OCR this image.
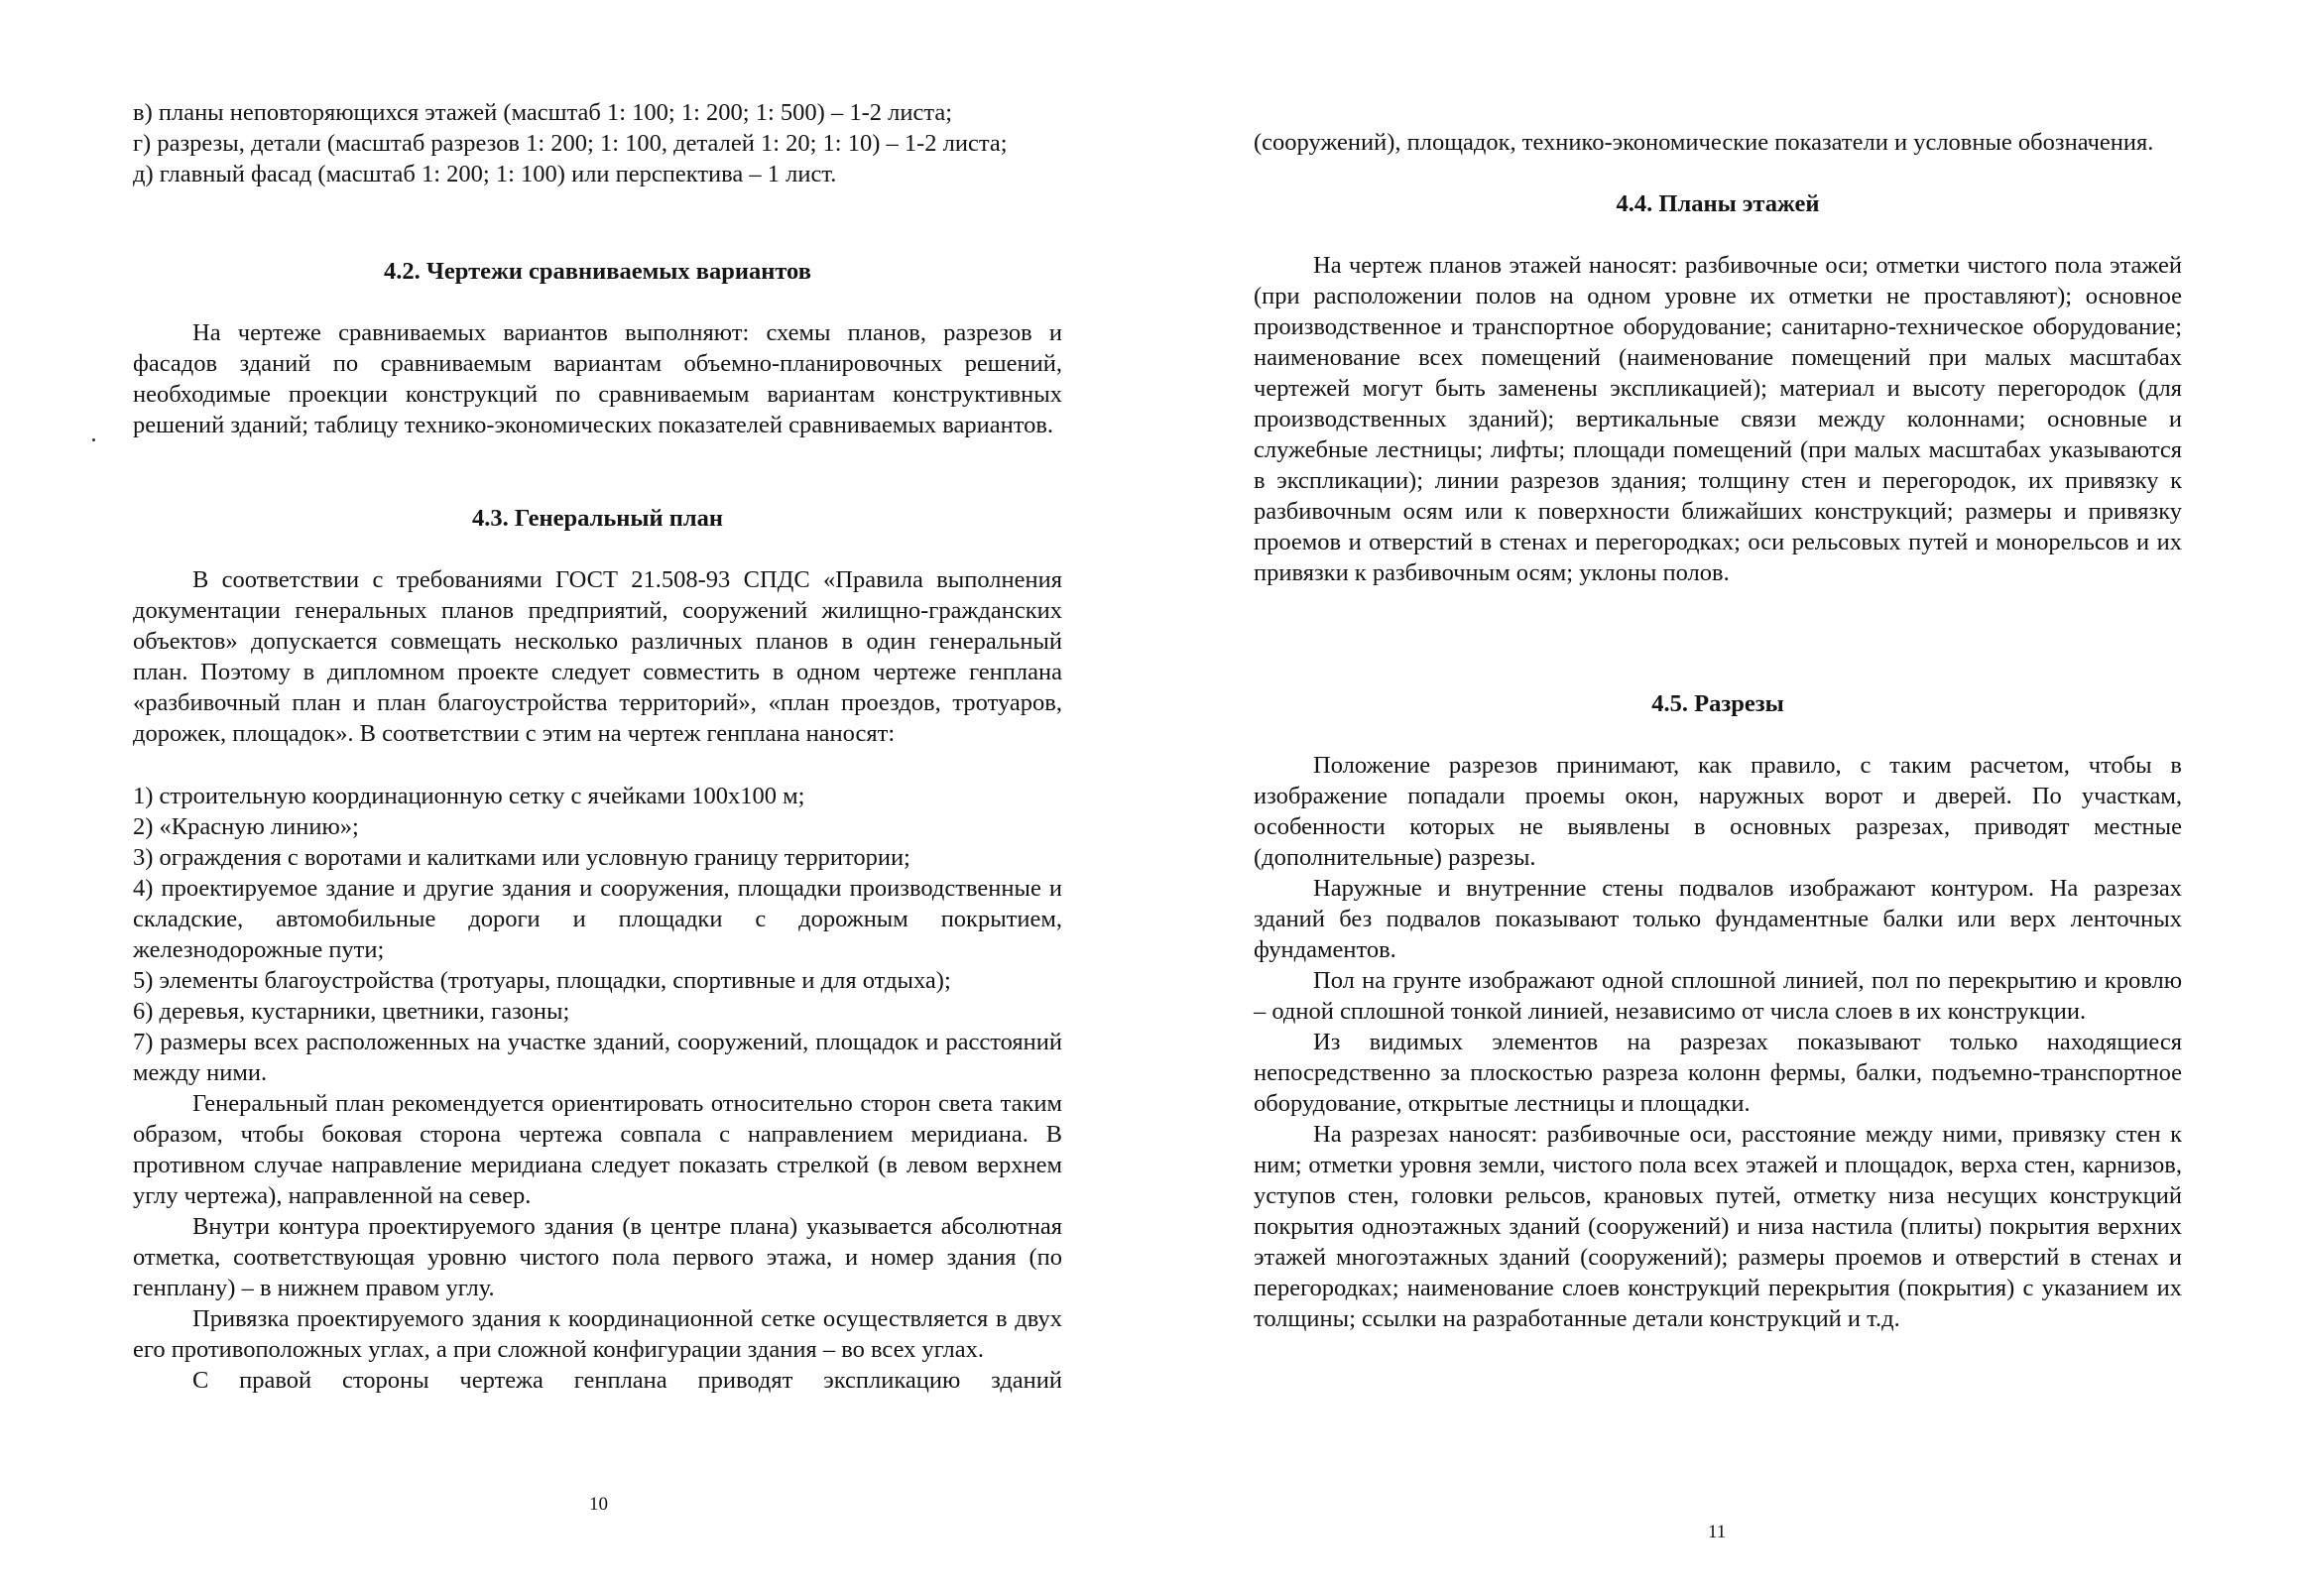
в) планы неповторяющихся этажей (масштаб 1: 100; 1: 200; 1: 500) – 1-2 листа;
г) разрезы, детали (масштаб разрезов 1: 200; 1: 100, деталей 1: 20; 1: 10) – 1-2 листа;
д) главный фасад (масштаб 1: 200; 1: 100) или перспектива – 1 лист.
4.2. Чертежи сравниваемых вариантов

На чертеже сравниваемых вариантов выполняют: схемы планов, разрезов и фасадов зданий по сравниваемым вариантам объемно-планировочных решений, необходимые проекции конструкций по сравниваемым вариантам конструктивных решений зданий; таблицу технико-экономических показателей сравниваемых вариантов.

4.3. Генеральный план

В соответствии с требованиями ГОСТ 21.508-93 СПДС «Правила выполнения документации генеральных планов предприятий, сооружений жилищно-гражданских объектов» допускается совмещать несколько различных планов в один генеральный план. Поэтому в дипломном проекте следует совместить в одном чертеже генплана «разбивочный план и план благоустройства территорий», «план проездов, тротуаров, дорожек, площадок». В соответствии с этим на чертеж генплана наносят:

1) строительную координационную сетку с ячейками 100х100 м;
2) «Красную линию»;
3) ограждения с воротами и калитками или условную границу территории;
4) проектируемое здание и другие здания и сооружения, площадки производственные и складские, автомобильные дороги и площадки с дорожным покрытием, железнодорожные пути;
5) элементы благоустройства (тротуары, площадки, спортивные и для отдыха);
6) деревья, кустарники, цветники, газоны;
7) размеры всех расположенных на участке зданий, сооружений, площадок и расстояний между ними.
Генеральный план рекомендуется ориентировать относительно сторон света таким образом, чтобы боковая сторона чертежа совпала с направлением меридиана. В противном случае направление меридиана следует показать стрелкой (в левом верхнем углу чертежа), направленной на север.
Внутри контура проектируемого здания (в центре плана) указывается абсолютная отметка, соответствующая уровню чистого пола первого этажа, и номер здания (по генплану) – в нижнем правом углу.
Привязка проектируемого здания к координационной сетке осуществляется в двух его противоположных углах, а при сложной конфигурации здания – во всех углах.
С правой стороны чертежа генплана приводят экспликацию зданий
10

(сооружений), площадок, технико-экономические показатели и условные обозначения.

4.4. Планы этажей

На чертеж планов этажей наносят: разбивочные оси; отметки чистого пола этажей (при расположении полов на одном уровне их отметки не проставляют); основное производственное и транспортное оборудование; санитарно-техническое оборудование; наименование всех помещений (наименование помещений при малых масштабах чертежей могут быть заменены экспликацией); материал и высоту перегородок (для производственных зданий); вертикальные связи между колоннами; основные и служебные лестницы; лифты; площади помещений (при малых масштабах указываются в экспликации); линии разрезов здания; толщину стен и перегородок, их привязку к разбивочным осям или к поверхности ближайших конструкций; размеры и привязку проемов и отверстий в стенах и перегородках; оси рельсовых путей и монорельсов и их привязки к разбивочным осям; уклоны полов.

4.5. Разрезы
Положение разрезов принимают, как правило, с таким расчетом, чтобы в изображение попадали проемы окон, наружных ворот и дверей. По участкам, особенности которых не выявлены в основных разрезах, приводят местные (дополнительные) разрезы.
Наружные и внутренние стены подвалов изображают контуром. На разрезах зданий без подвалов показывают только фундаментные балки или верх ленточных фундаментов.
Пол на грунте изображают одной сплошной линией, пол по перекрытию и кровлю – одной сплошной тонкой линией, независимо от числа слоев в их конструкции.
Из видимых элементов на разрезах показывают только находящиеся непосредственно за плоскостью разреза колонн фермы, балки, подъемно-транспортное оборудование, открытые лестницы и площадки.
На разрезах наносят: разбивочные оси, расстояние между ними, привязку стен к ним; отметки уровня земли, чистого пола всех этажей и площадок, верха стен, карнизов, уступов стен, головки рельсов, крановых путей, отметку низа несущих конструкций покрытия одноэтажных зданий (сооружений) и низа настила (плиты) покрытия верхних этажей многоэтажных зданий (сооружений); размеры проемов и отверстий в стенах и перегородках; наименование слоев конструкций перекрытия (покрытия) с указанием их толщины; ссылки на разработанные детали конструкций и т.д.
11
